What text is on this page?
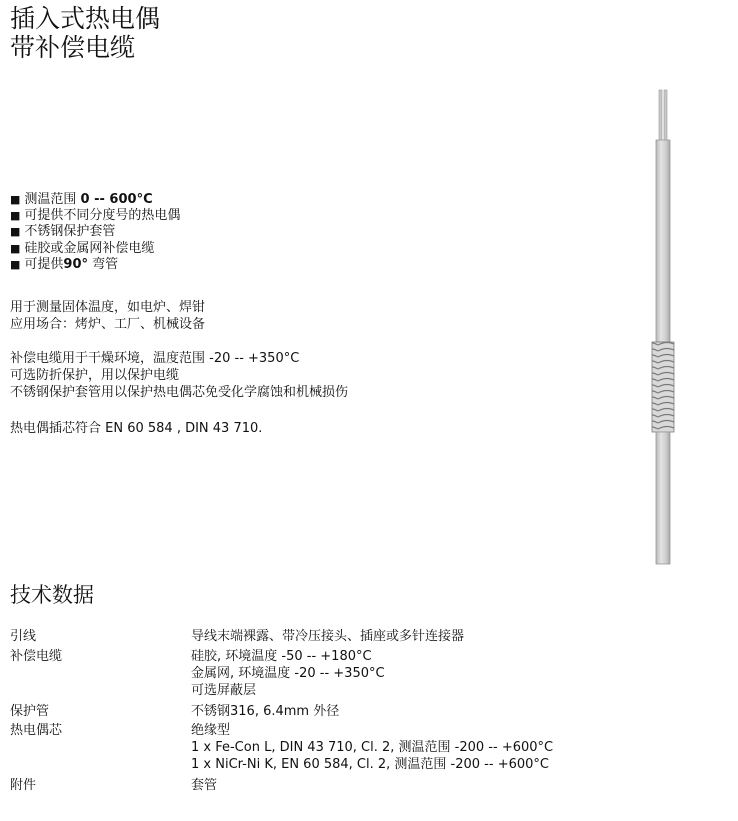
插入式热电偶
带补偿电缆
■ 测温范围 0 -- 600°C
■ 可提供不同分度号的热电偶
■ 不锈钢保护套管
■ 硅胶或金属网补偿电缆
■ 可提供90° 弯管
用于测量固体温度，如电炉、焊钳
应用场合：烤炉、工厂、机械设备
补偿电缆用于干燥环境，温度范围 -20 -- +350°C
可选防折保护，用以保护电缆
不锈钢保护套管用以保护热电偶芯免受化学腐蚀和机械损伤
热电偶插芯符合 EN 60 584 , DIN 43 710.
技术数据
引线	导线末端裸露、带冷压接头、插座或多针连接器
补偿电缆	硅胶, 环境温度 -50 -- +180°C
金属网, 环境温度 -20 -- +350°C
可选屏蔽层
保护管	不锈钢316, 6.4mm 外径
热电偶芯	绝缘型
1 x Fe-Con L, DIN 43 710, Cl. 2, 测温范围 -200 -- +600°C
1 x NiCr-Ni K, EN 60 584, Cl. 2, 测温范围 -200 -- +600°C
附件	套管
